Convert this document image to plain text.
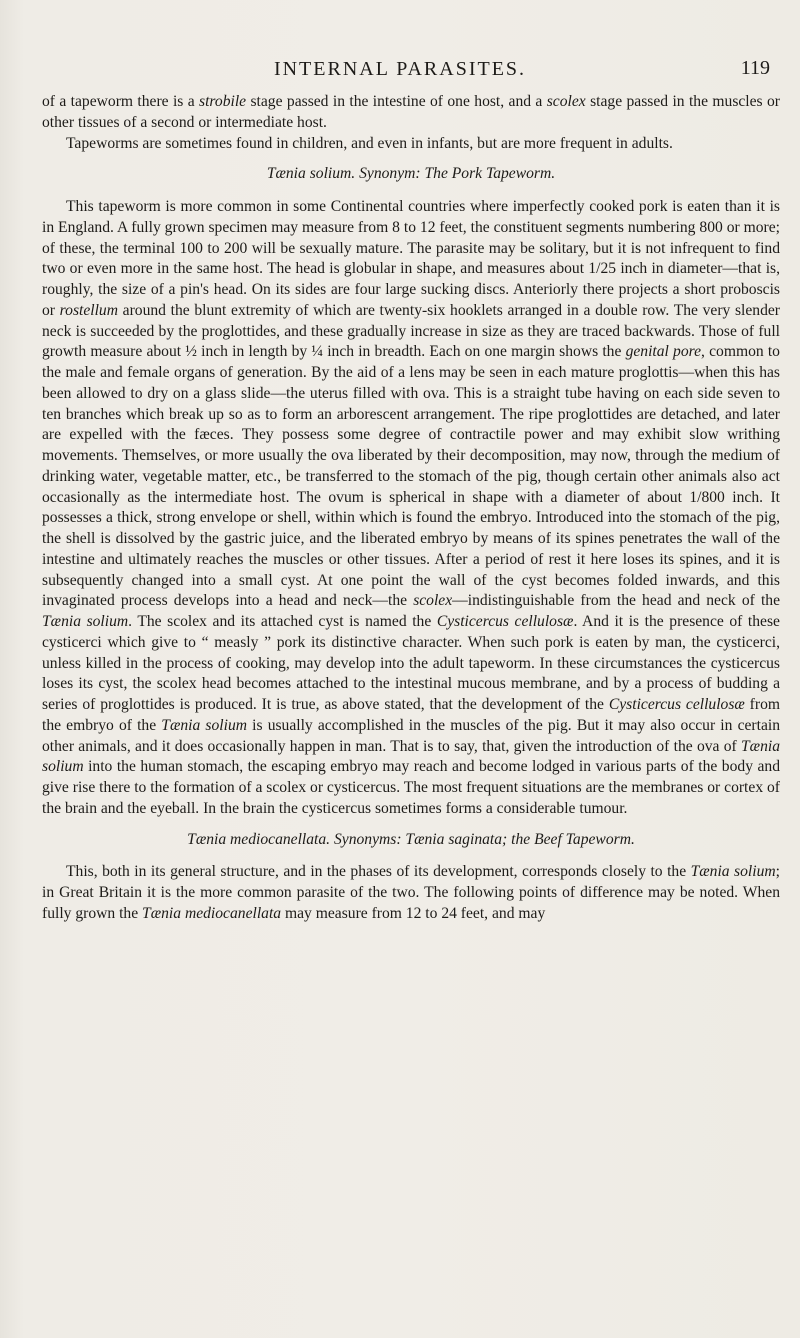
INTERNAL PARASITES.	119

of a tapeworm there is a strobile stage passed in the intestine of one host, and a scolex stage passed in the muscles or other tissues of a second or intermediate host.

Tapeworms are sometimes found in children, and even in infants, but are more frequent in adults.

Tænia solium. Synonym: The Pork Tapeworm.

This tapeworm is more common in some Continental countries where imperfectly cooked pork is eaten than it is in England. A fully grown specimen may measure from 8 to 12 feet, the constituent segments numbering 800 or more; of these, the terminal 100 to 200 will be sexually mature. The parasite may be solitary, but it is not infrequent to find two or even more in the same host. The head is globular in shape, and measures about 1/25 inch in diameter—that is, roughly, the size of a pin's head. On its sides are four large sucking discs. Anteriorly there projects a short proboscis or rostellum around the blunt extremity of which are twenty-six hooklets arranged in a double row. The very slender neck is succeeded by the proglottides, and these gradually increase in size as they are traced backwards. Those of full growth measure about ½ inch in length by ¼ inch in breadth. Each on one margin shows the genital pore, common to the male and female organs of generation. By the aid of a lens may be seen in each mature proglottis—when this has been allowed to dry on a glass slide—the uterus filled with ova. This is a straight tube having on each side seven to ten branches which break up so as to form an arborescent arrangement. The ripe proglottides are detached, and later are expelled with the fæces. They possess some degree of contractile power and may exhibit slow writhing movements. Themselves, or more usually the ova liberated by their decomposition, may now, through the medium of drinking water, vegetable matter, etc., be transferred to the stomach of the pig, though certain other animals also act occasionally as the intermediate host. The ovum is spherical in shape with a diameter of about 1/800 inch. It possesses a thick, strong envelope or shell, within which is found the embryo. Introduced into the stomach of the pig, the shell is dissolved by the gastric juice, and the liberated embryo by means of its spines penetrates the wall of the intestine and ultimately reaches the muscles or other tissues. After a period of rest it here loses its spines, and it is subsequently changed into a small cyst. At one point the wall of the cyst becomes folded inwards, and this invaginated process develops into a head and neck—the scolex—indistinguishable from the head and neck of the Tænia solium. The scolex and its attached cyst is named the Cysticercus cellulosæ. And it is the presence of these cysticerci which give to “ measly ” pork its distinctive character. When such pork is eaten by man, the cysticerci, unless killed in the process of cooking, may develop into the adult tapeworm. In these circumstances the cysticercus loses its cyst, the scolex head becomes attached to the intestinal mucous membrane, and by a process of budding a series of proglottides is produced. It is true, as above stated, that the development of the Cysticercus cellulosæ from the embryo of the Tænia solium is usually accomplished in the muscles of the pig. But it may also occur in certain other animals, and it does occasionally happen in man. That is to say, that, given the introduction of the ova of Tænia solium into the human stomach, the escaping embryo may reach and become lodged in various parts of the body and give rise there to the formation of a scolex or cysticercus. The most frequent situations are the membranes or cortex of the brain and the eyeball. In the brain the cysticercus sometimes forms a considerable tumour.

Tænia mediocanellata. Synonyms: Tænia saginata; the Beef Tapeworm.

This, both in its general structure, and in the phases of its development, corresponds closely to the Tænia solium; in Great Britain it is the more common parasite of the two. The following points of difference may be noted. When fully grown the Tænia mediocanellata may measure from 12 to 24 feet, and may
